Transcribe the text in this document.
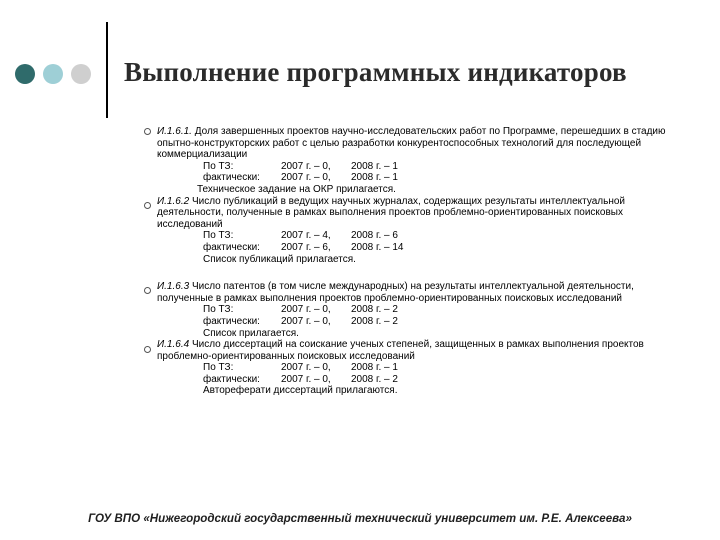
Выполнение программных индикаторов

И.1.6.1. Доля завершенных проектов научно-исследовательских работ по Программе, перешедших в стадию опытно-конструкторских работ с целью разработки конкурентоспособных технологий для последующей коммерциализации

По ТЗ:	2007 г. – 0,	2008 г. – 1
фактически:	2007 г. – 0,	2008 г. – 1
Техническое задание на ОКР прилагается.

И.1.6.2 Число публикаций в ведущих научных журналах, содержащих результаты интеллектуальной деятельности, полученные в рамках выполнения проектов проблемно-ориентированных поисковых исследований

По ТЗ:	2007 г. – 4,	2008 г. – 6
фактически:	2007 г. – 6,	2008 г. – 14
Список публикаций прилагается.

И.1.6.3 Число патентов (в том числе международных) на результаты интеллектуальной деятельности, полученные в рамках выполнения проектов проблемно-ориентированных поисковых исследований

По ТЗ:	2007 г. – 0,	2008 г. – 2
фактически:	2007 г. – 0,	2008 г. – 2
Список прилагается.

И.1.6.4 Число диссертаций на соискание ученых степеней, защищенных в рамках выполнения проектов проблемно-ориентированных поисковых исследований

По ТЗ:	2007 г. – 0,	2008 г. – 1
фактически:	2007 г. – 0,	2008 г. – 2
Автореферати диссертаций прилагаются.
ГОУ ВПО «Нижегородский государственный технический университет им. Р.Е. Алексеева»
